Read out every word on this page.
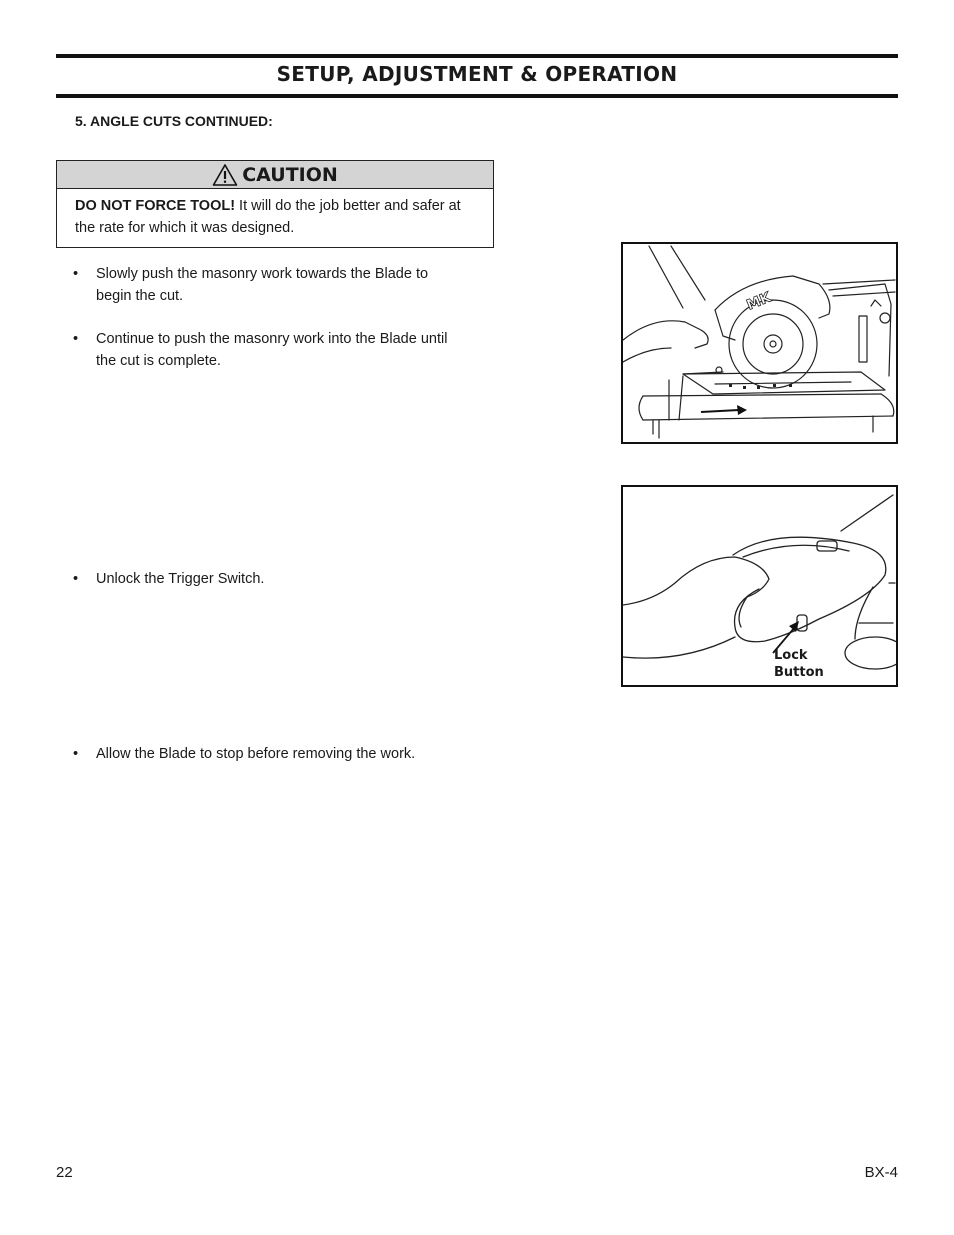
SETUP, ADJUSTMENT & OPERATION
5. ANGLE CUTS CONTINUED:
CAUTION
DO NOT FORCE TOOL! It will do the job better and safer at the rate for which it was designed.
•	Slowly push the masonry work towards the Blade to begin the cut.
•	Continue to push the masonry work into the Blade until the cut is complete.
•	Unlock the Trigger Switch.
•	Allow the Blade to stop before removing the work.
MK
Lock
Button
22	BX-4
